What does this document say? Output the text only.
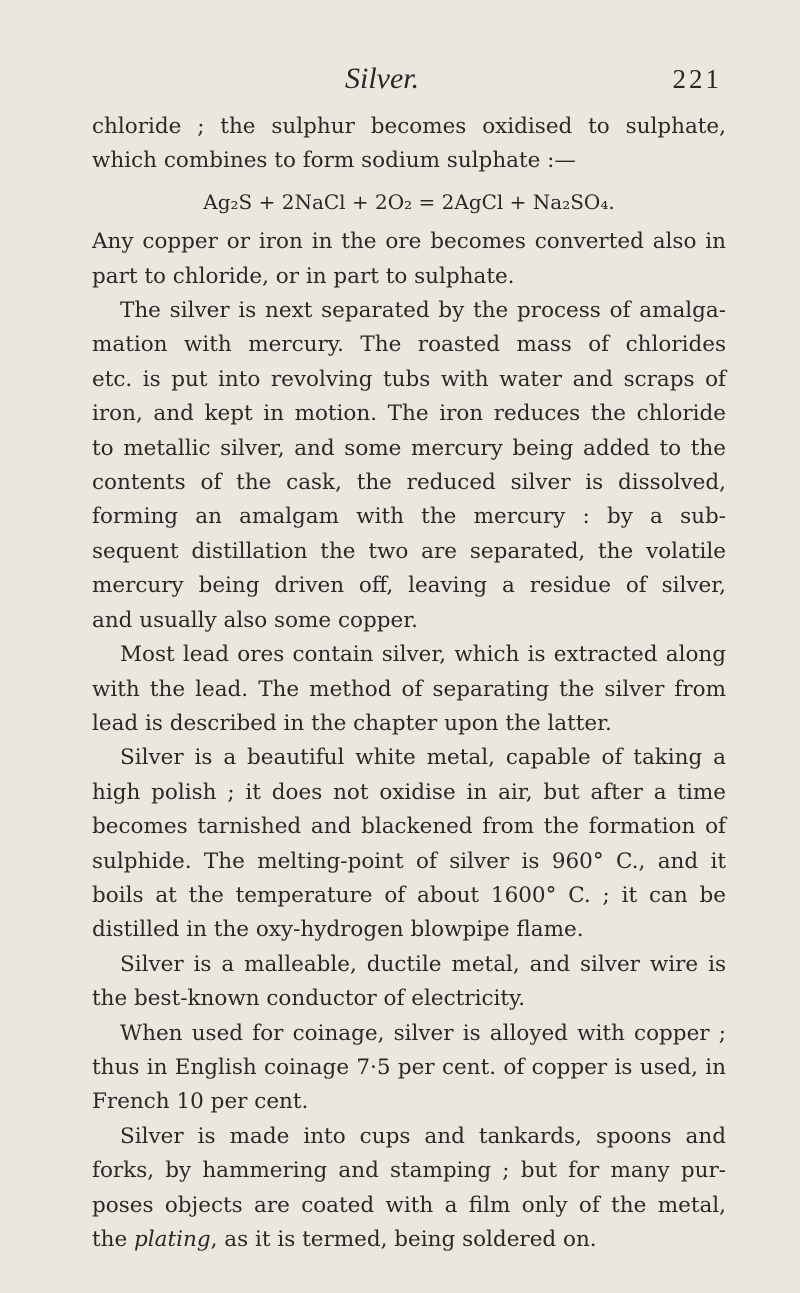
Silver.	221

chloride ; the sulphur becomes oxidised to sulphate,
which combines to form sodium sulphate :—

Ag₂S + 2NaCl + 2O₂ = 2AgCl + Na₂SO₄.

Any copper or iron in the ore becomes converted also in
part to chloride, or in part to sulphate.

The silver is next separated by the process of amalga-
mation with mercury. The roasted mass of chlorides
etc. is put into revolving tubs with water and scraps of
iron, and kept in motion. The iron reduces the chloride
to metallic silver, and some mercury being added to the
contents of the cask, the reduced silver is dissolved,
forming an amalgam with the mercury : by a sub-
sequent distillation the two are separated, the volatile
mercury being driven off, leaving a residue of silver,
and usually also some copper.

Most lead ores contain silver, which is extracted along
with the lead. The method of separating the silver from
lead is described in the chapter upon the latter.

Silver is a beautiful white metal, capable of taking a
high polish ; it does not oxidise in air, but after a time
becomes tarnished and blackened from the formation of
sulphide. The melting-point of silver is 960° C., and it
boils at the temperature of about 1600° C. ; it can be
distilled in the oxy-hydrogen blowpipe flame.

Silver is a malleable, ductile metal, and silver wire is
the best-known conductor of electricity.

When used for coinage, silver is alloyed with copper ;
thus in English coinage 7·5 per cent. of copper is used, in
French 10 per cent.

Silver is made into cups and tankards, spoons and
forks, by hammering and stamping ; but for many pur-
poses objects are coated with a film only of the metal,
the plating, as it is termed, being soldered on.
